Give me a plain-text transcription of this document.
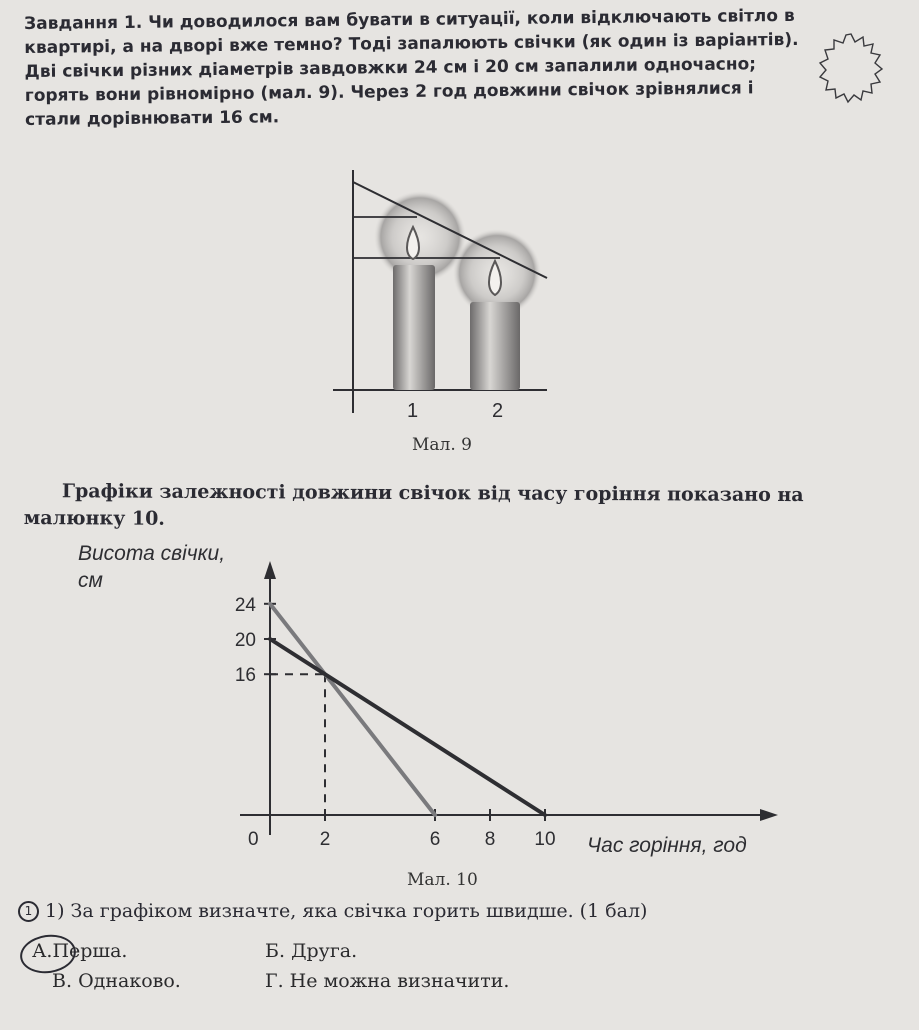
Завдання 1. Чи доводилося вам бувати в ситуації, коли відключають світло в квартирі, а на дворі вже темно? Тоді запалюють свічки (як один із варіантів). Дві свічки різних діаметрів завдовжки 24 см і 20 см запалили одночасно; горять вони рівномірно (мал. 9). Через 2 год довжини свічок зрівнялися і стали дорівнювати 16 см.

1	2
Мал. 9
Графіки залежності довжини свічок від часу горіння показано на малюнку 10.
Висота свічки,
см
Час горіння, год
0	2	6 8 10
16
20
24
Мал. 10
1 1) За графіком визначте, яка свічка горить швидше. (1 бал)
А.Перша.	Б. Друга.
В. Однаково.	Г. Не можна визначити.
